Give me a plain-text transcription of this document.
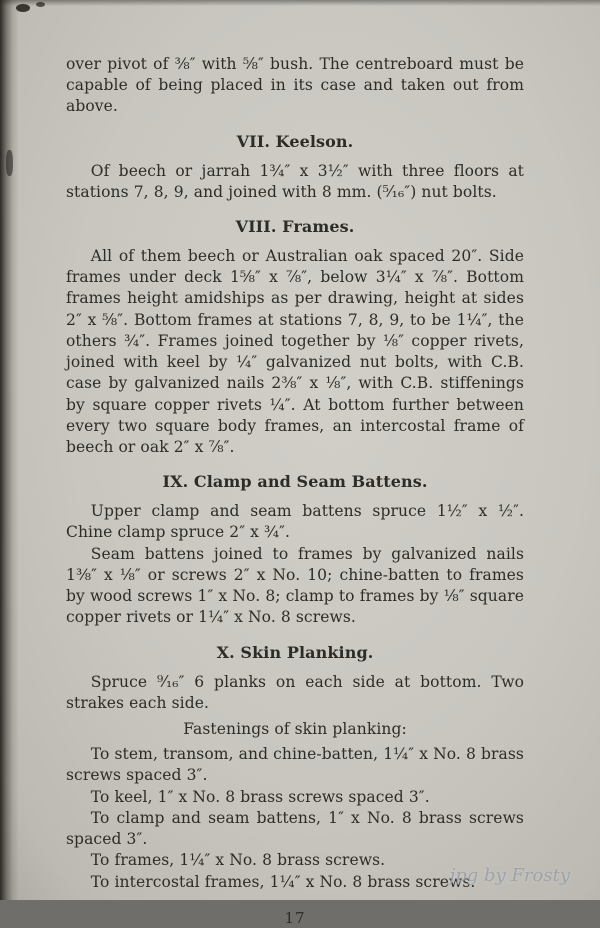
over pivot of ⅜″ with ⅝″ bush. The centreboard must be capable of being placed in its case and taken out from above.

VII. Keelson.

Of beech or jarrah 1¾″ x 3½″ with three floors at stations 7, 8, 9, and joined with 8 mm. (⁵⁄₁₆″) nut bolts.

VIII. Frames.

All of them beech or Australian oak spaced 20″. Side frames under deck 1⅝″ x ⅞″, below 3¼″ x ⅞″. Bottom frames height amidships as per drawing, height at sides 2″ x ⅝″. Bottom frames at stations 7, 8, 9, to be 1¼″, the others ¾″. Frames joined together by ⅛″ copper rivets, joined with keel by ¼″ galvanized nut bolts, with C.B. case by galvanized nails 2⅜″ x ⅛″, with C.B. stiffenings by square copper rivets ¼″. At bottom further between every two square body frames, an intercostal frame of beech or oak 2″ x ⅞″.

IX. Clamp and Seam Battens.

Upper clamp and seam battens spruce 1½″ x ½″. Chine clamp spruce 2″ x ¾″.

Seam battens joined to frames by galvanized nails 1⅜″ x ⅛″ or screws 2″ x No. 10; chine-batten to frames by wood screws 1″ x No. 8; clamp to frames by ⅛″ square copper rivets or 1¼″ x No. 8 screws.

X. Skin Planking.

Spruce ⁹⁄₁₆″ 6 planks on each side at bottom. Two strakes each side.

Fastenings of skin planking:

To stem, transom, and chine-batten, 1¼″ x No. 8 brass screws spaced 3″.

To keel, 1″ x No. 8 brass screws spaced 3″.

To clamp and seam battens, 1″ x No. 8 brass screws spaced 3″.

To frames, 1¼″ x No. 8 brass screws.

To intercostal frames, 1¼″ x No. 8 brass screws.

17
jpg by Frosty
